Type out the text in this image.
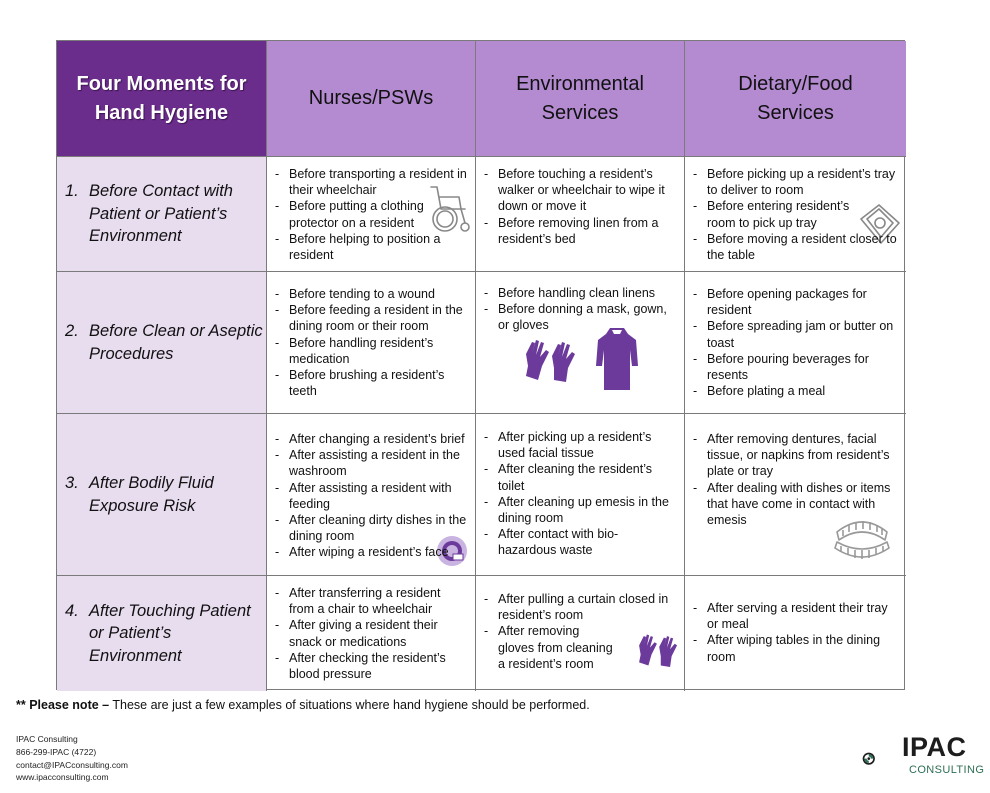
Four Moments for Hand Hygiene
Nurses/PSWs
Environmental Services
Dietary/Food Services
1. Before Contact with Patient or Patient’s Environment
- Before transporting a resident in their wheelchair
- Before putting a clothing protector on a resident
- Before helping to position a resident
- Before touching a resident’s walker or wheelchair to wipe it down or move it
- Before removing linen from a resident’s bed
- Before picking up a resident’s tray to deliver to room
- Before entering resident’s room to pick up tray
- Before moving a resident closer to the table
2. Before Clean or Aseptic Procedures
- Before tending to a wound
- Before feeding a resident in the dining room or their room
- Before handling resident’s medication
- Before brushing a resident’s teeth
- Before handling clean linens
- Before donning a mask, gown, or gloves
- Before opening packages for resident
- Before spreading jam or butter on toast
- Before pouring beverages for resents
- Before plating a meal
3. After Bodily Fluid Exposure Risk
- After changing a resident’s brief
- After assisting a resident in the washroom
- After assisting a resident with feeding
- After cleaning dirty dishes in the dining room
- After wiping a resident’s face
- After picking up a resident’s used facial tissue
- After cleaning the resident’s toilet
- After cleaning up emesis in the dining room
- After contact with bio-hazardous waste
- After removing dentures, facial tissue, or napkins from resident’s plate or tray
- After dealing with dishes or items that have come in contact with emesis
4. After Touching Patient or Patient’s Environment
- After transferring a resident from a chair to wheelchair
- After giving a resident their snack or medications
- After checking the resident’s blood pressure
- After pulling a curtain closed in resident’s room
- After removing gloves from cleaning a resident’s room
- After serving a resident their tray or meal
- After wiping tables in the dining room
** Please note – These are just a few examples of situations where hand hygiene should be performed.
IPAC Consulting
866-299-IPAC (4722)
contact@IPACconsulting.com
www.ipacconsulting.com
IPAC
CONSULTING
